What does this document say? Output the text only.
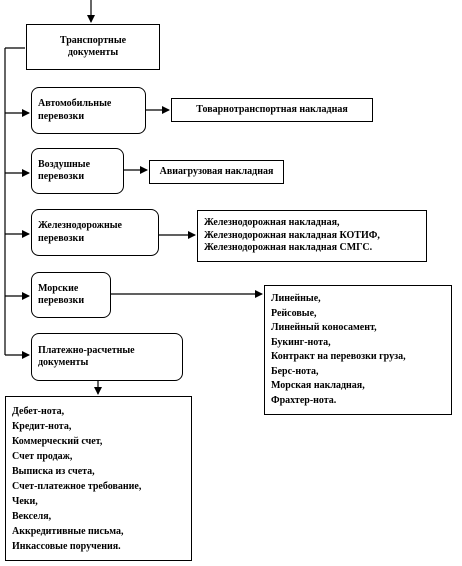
Транспортные
документы
Автомобильные
перевозки
Товарнотранспортная накладная
Воздушные
перевозки	Авиагрузовая накладная
Железнодорожные
перевозки
Железнодорожная накладная,
Железнодорожная накладная КОТИФ,
Железнодорожная накладная СМГС.
Морские
перевозки	Линейные,
Рейсовые,
Линейный коносамент,
Букинг-нота,
Контракт на перевозки груза,
Берс-нота,
Морская накладная,
Фрахтер-нота.
Платежно-расчетные
документы
Дебет-нота,
Кредит-нота,
Коммерческий счет,
Счет продаж,
Выписка из счета,
Счет-платежное требование,
Чеки,
Векселя,
Аккредитивные письма,
Инкассовые поручения.
